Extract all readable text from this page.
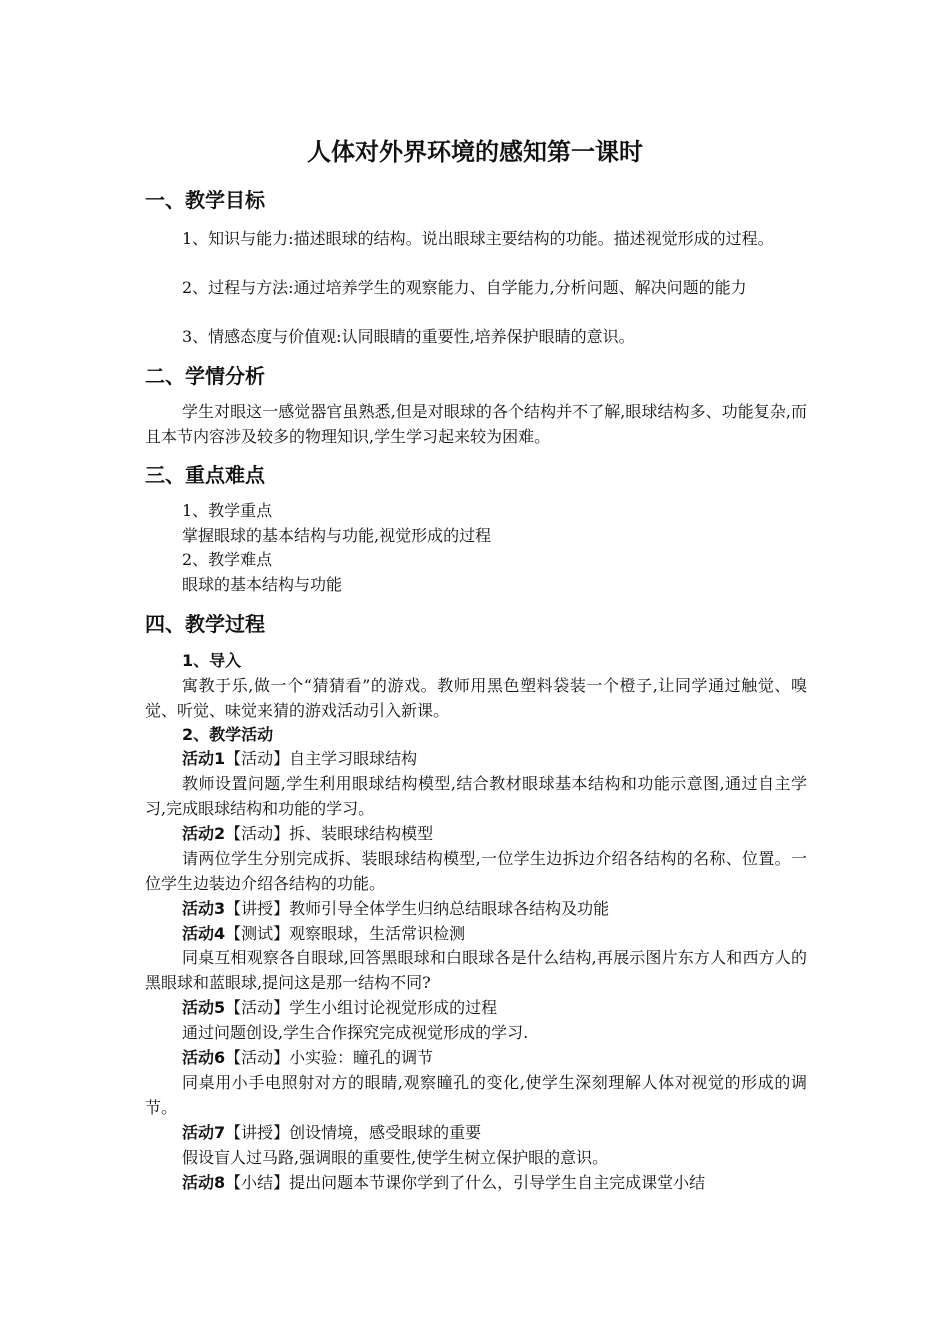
人体对外界环境的感知第一课时
一、教学目标
1、知识与能力:描述眼球的结构。说出眼球主要结构的功能。描述视觉形成的过程。
2、过程与方法:通过培养学生的观察能力、自学能力,分析问题、解决问题的能力
3、情感态度与价值观:认同眼睛的重要性,培养保护眼睛的意识。
二、学情分析
学生对眼这一感觉器官虽熟悉,但是对眼球的各个结构并不了解,眼球结构多、功能复杂,而且本节内容涉及较多的物理知识,学生学习起来较为困难。
三、重点难点
1、教学重点
掌握眼球的基本结构与功能,视觉形成的过程
2、教学难点
眼球的基本结构与功能
四、教学过程
1、导入
寓教于乐,做一个“猜猜看”的游戏。教师用黑色塑料袋装一个橙子,让同学通过触觉、嗅觉、听觉、味觉来猜的游戏活动引入新课。
2、教学活动
活动1【活动】自主学习眼球结构
教师设置问题,学生利用眼球结构模型,结合教材眼球基本结构和功能示意图,通过自主学习,完成眼球结构和功能的学习。
活动2【活动】拆、装眼球结构模型
请两位学生分别完成拆、装眼球结构模型,一位学生边拆边介绍各结构的名称、位置。一位学生边装边介绍各结构的功能。
活动3【讲授】教师引导全体学生归纳总结眼球各结构及功能
活动4【测试】观察眼球，生活常识检测
同桌互相观察各自眼球,回答黑眼球和白眼球各是什么结构,再展示图片东方人和西方人的黑眼球和蓝眼球,提问这是那一结构不同?
活动5【活动】学生小组讨论视觉形成的过程
通过问题创设,学生合作探究完成视觉形成的学习.
活动6【活动】小实验：瞳孔的调节
同桌用小手电照射对方的眼睛,观察瞳孔的变化,使学生深刻理解人体对视觉的形成的调节。
活动7【讲授】创设情境，感受眼球的重要
假设盲人过马路,强调眼的重要性,使学生树立保护眼的意识。
活动8【小结】提出问题本节课你学到了什么，引导学生自主完成课堂小结
